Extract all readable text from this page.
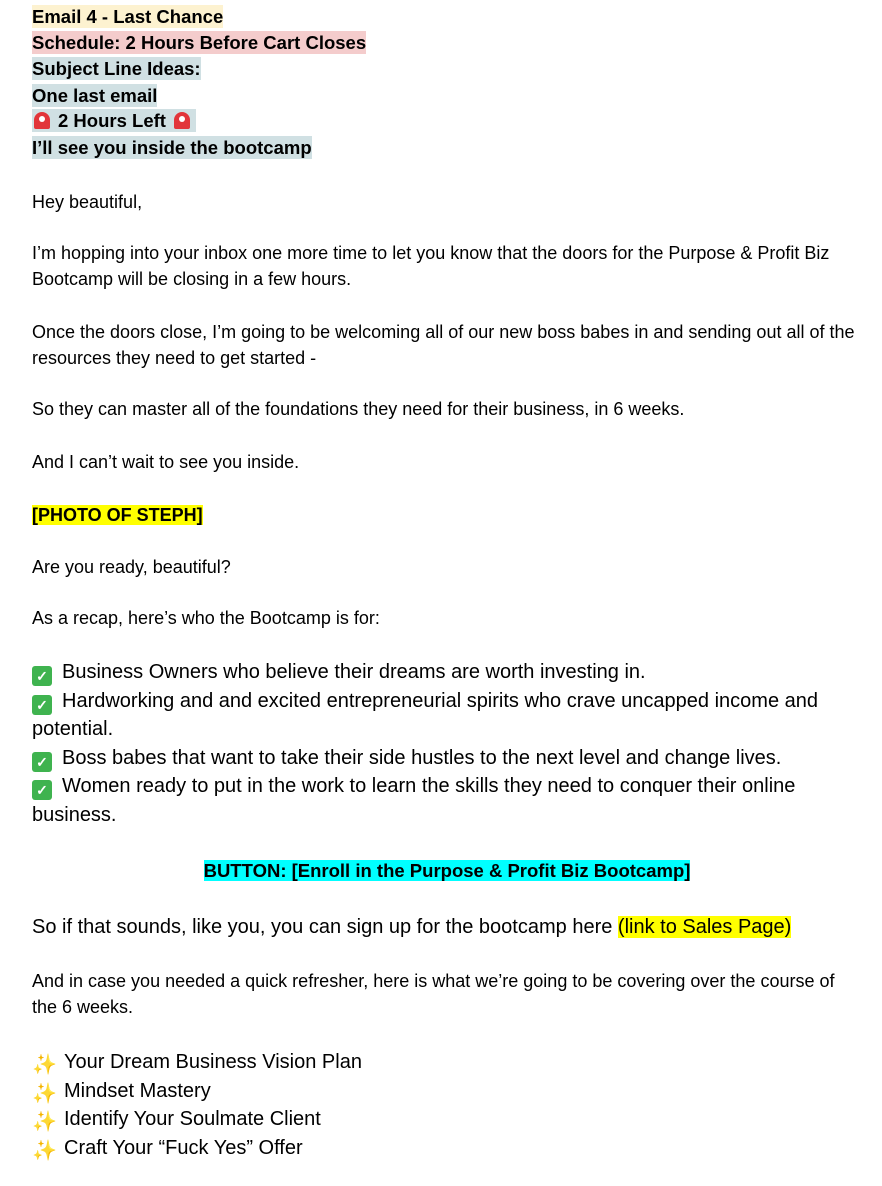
Email 4 - Last Chance
Schedule: 2 Hours Before Cart Closes
Subject Line Ideas:
One last email
2 Hours Left
I’ll see you inside the bootcamp
Hey beautiful,
I’m hopping into your inbox one more time to let you know that the doors for the Purpose & Profit Biz Bootcamp will be closing in a few hours.
Once the doors close, I’m going to be welcoming all of our new boss babes in and sending out all of the resources they need to get started -
So they can master all of the foundations they need for their business, in 6 weeks.
And I can’t wait to see you inside.
[PHOTO OF STEPH]
Are you ready, beautiful?
As a recap, here’s who the Bootcamp is for:
✓ Business Owners who believe their dreams are worth investing in.
✓ Hardworking and and excited entrepreneurial spirits who crave uncapped income and potential.
✓ Boss babes that want to take their side hustles to the next level and change lives.
✓ Women ready to put in the work to learn the skills they need to conquer their online business.
BUTTON: [Enroll in the Purpose & Profit Biz Bootcamp]
So if that sounds, like you, you can sign up for the bootcamp here (link to Sales Page)
And in case you needed a quick refresher, here is what we’re going to be covering over the course of the 6 weeks.
✨ Your Dream Business Vision Plan
✨ Mindset Mastery
✨ Identify Your Soulmate Client
✨ Craft Your “Fuck Yes” Offer
